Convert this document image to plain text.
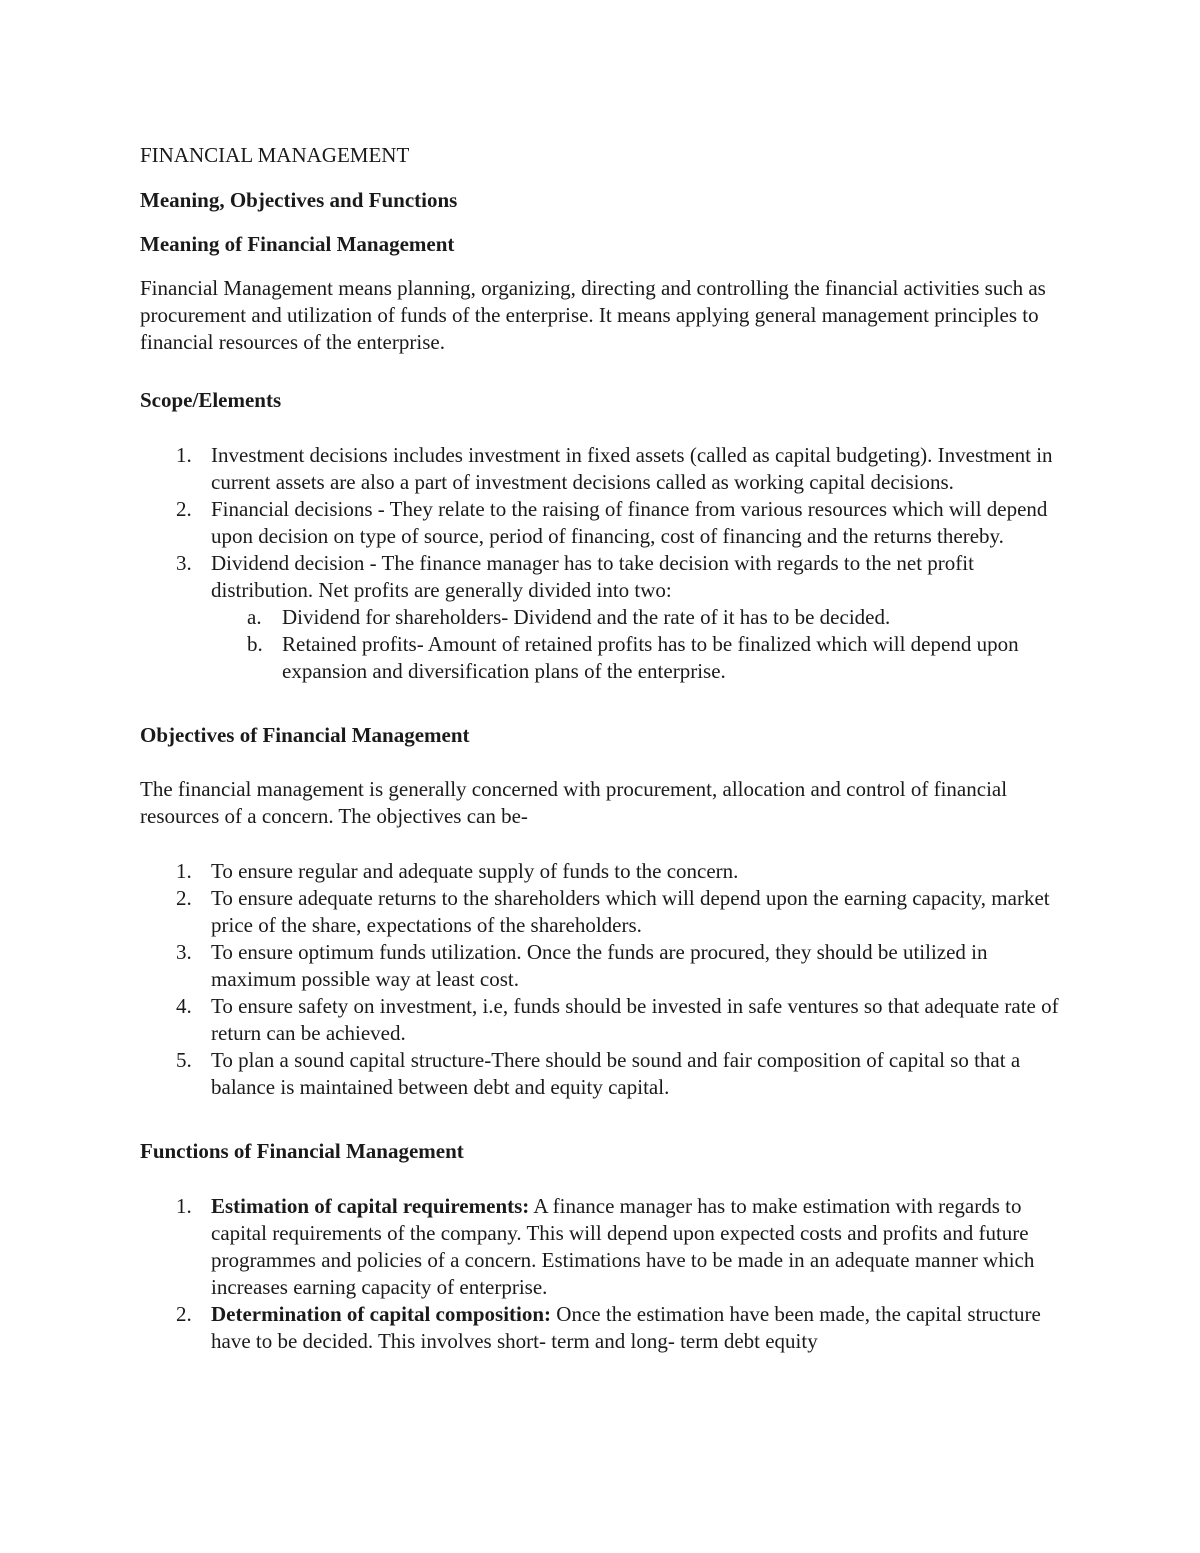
FINANCIAL MANAGEMENT
Meaning, Objectives and Functions
Meaning of Financial Management
Financial Management means planning, organizing, directing and controlling the financial activities such as procurement and utilization of funds of the enterprise. It means applying general management principles to financial resources of the enterprise.
Scope/Elements
1. Investment decisions includes investment in fixed assets (called as capital budgeting). Investment in current assets are also a part of investment decisions called as working capital decisions.
2. Financial decisions - They relate to the raising of finance from various resources which will depend upon decision on type of source, period of financing, cost of financing and the returns thereby.
3. Dividend decision - The finance manager has to take decision with regards to the net profit distribution. Net profits are generally divided into two:
a. Dividend for shareholders- Dividend and the rate of it has to be decided.
b. Retained profits- Amount of retained profits has to be finalized which will depend upon expansion and diversification plans of the enterprise.
Objectives of Financial Management
The financial management is generally concerned with procurement, allocation and control of financial resources of a concern. The objectives can be-
1. To ensure regular and adequate supply of funds to the concern.
2. To ensure adequate returns to the shareholders which will depend upon the earning capacity, market price of the share, expectations of the shareholders.
3. To ensure optimum funds utilization. Once the funds are procured, they should be utilized in maximum possible way at least cost.
4. To ensure safety on investment, i.e, funds should be invested in safe ventures so that adequate rate of return can be achieved.
5. To plan a sound capital structure-There should be sound and fair composition of capital so that a balance is maintained between debt and equity capital.
Functions of Financial Management
1. Estimation of capital requirements: A finance manager has to make estimation with regards to capital requirements of the company. This will depend upon expected costs and profits and future programmes and policies of a concern. Estimations have to be made in an adequate manner which increases earning capacity of enterprise.
2. Determination of capital composition: Once the estimation have been made, the capital structure have to be decided. This involves short- term and long- term debt equity
